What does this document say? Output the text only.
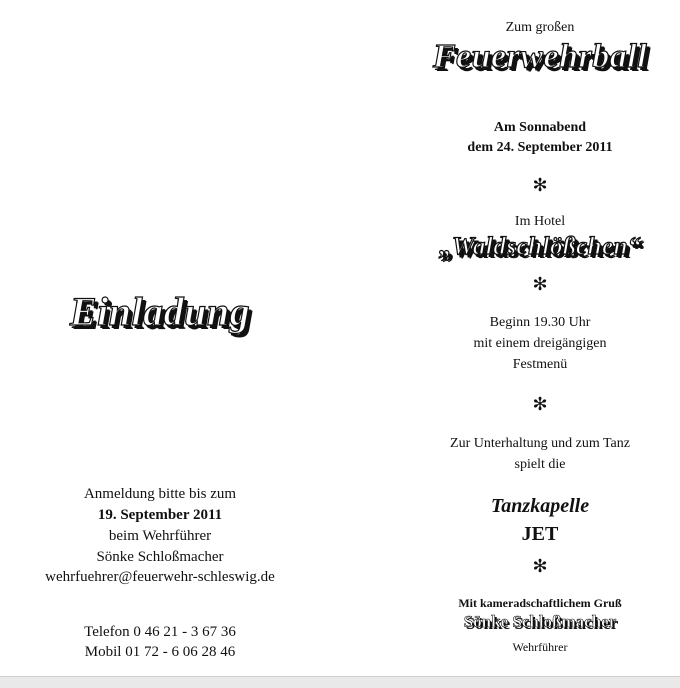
Einladung
Anmeldung bitte bis zum
19. September 2011
beim Wehrführer
Sönke Schloßmacher
wehrfuehrer@feuerwehr-schleswig.de
Telefon 0 46 21 - 3 67 36
Mobil 01 72 - 6 06 28 46
Zum großen
Feuerwehrball
Am Sonnabend
dem 24. September 2011
✻
Im Hotel
„Waldschlößchen“
✻
Beginn 19.30 Uhr
mit einem dreigängigen
Festmenü
✻
Zur Unterhaltung und zum Tanz
spielt die
Tanzkapelle
JET
✻
Mit kameradschaftlichem Gruß
Sönke Schloßmacher
Wehrführer
